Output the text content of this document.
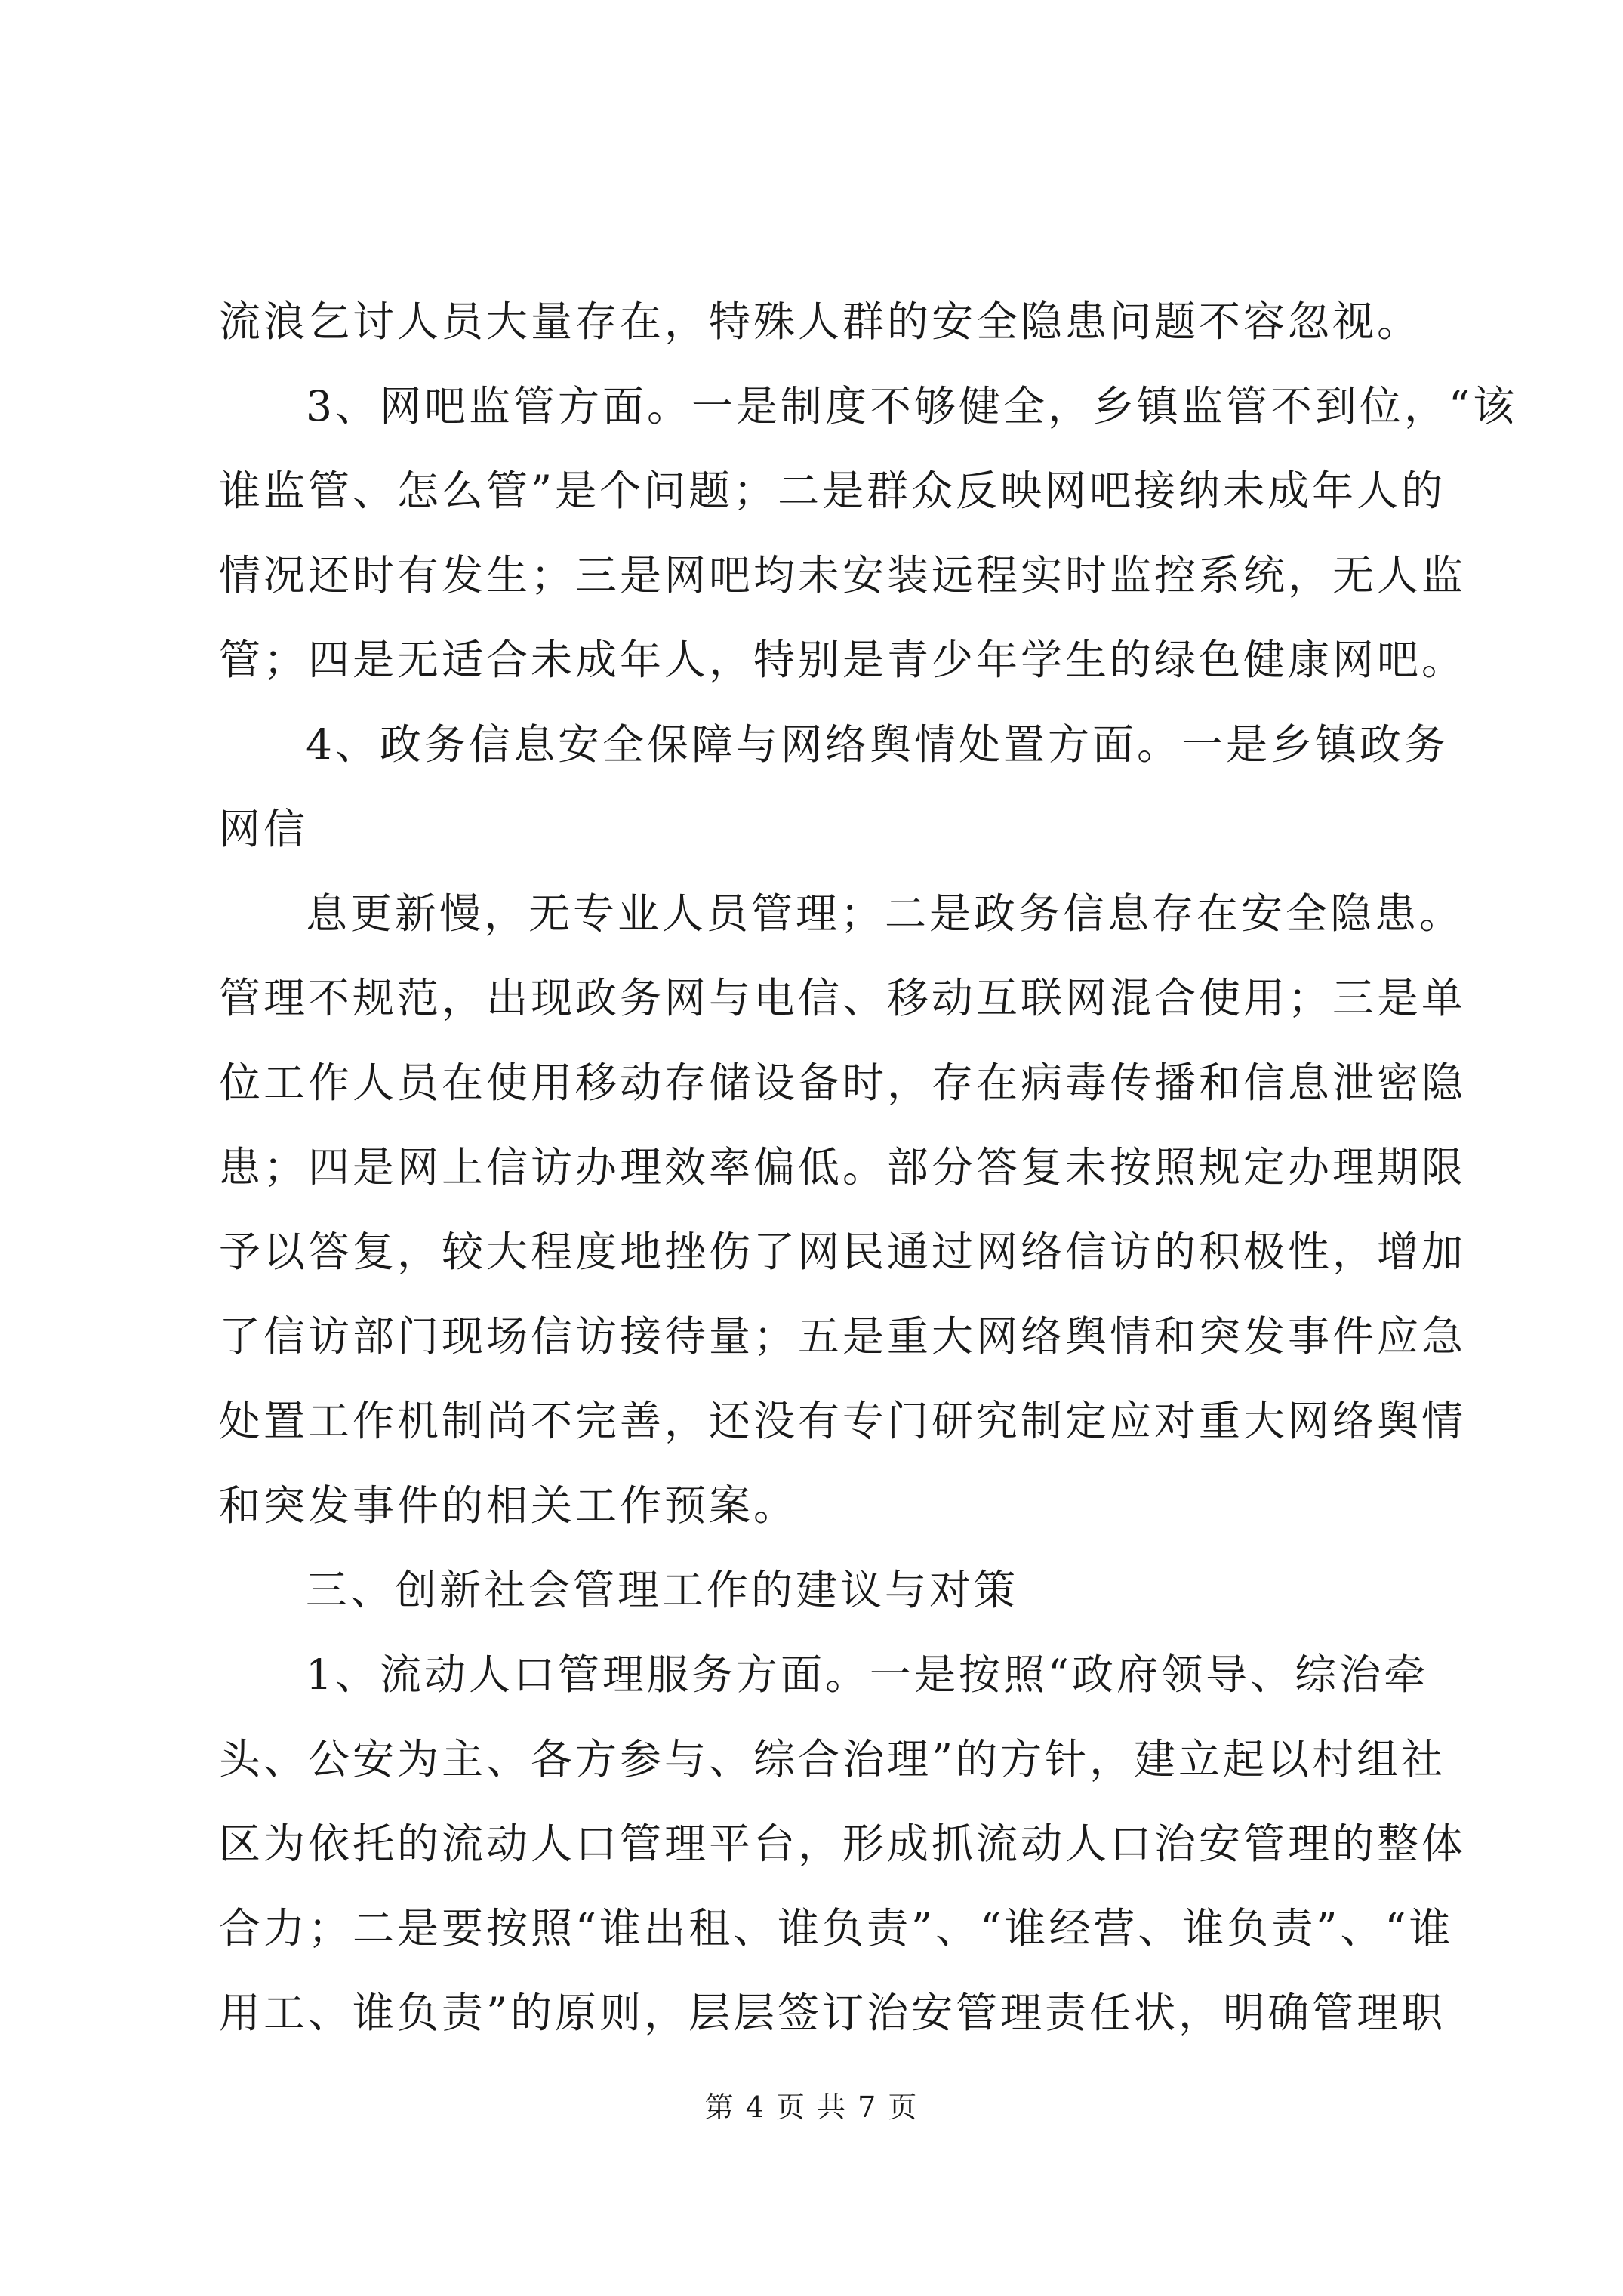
流浪乞讨人员大量存在，特殊人群的安全隐患问题不容忽视。
3、网吧监管方面。一是制度不够健全，乡镇监管不到位，“该
谁监管、怎么管”是个问题；二是群众反映网吧接纳未成年人的
情况还时有发生；三是网吧均未安装远程实时监控系统，无人监
管；四是无适合未成年人，特别是青少年学生的绿色健康网吧。
4、政务信息安全保障与网络舆情处置方面。一是乡镇政务
网信
息更新慢，无专业人员管理；二是政务信息存在安全隐患。
管理不规范，出现政务网与电信、移动互联网混合使用；三是单
位工作人员在使用移动存储设备时，存在病毒传播和信息泄密隐
患；四是网上信访办理效率偏低。部分答复未按照规定办理期限
予以答复，较大程度地挫伤了网民通过网络信访的积极性，增加
了信访部门现场信访接待量；五是重大网络舆情和突发事件应急
处置工作机制尚不完善，还没有专门研究制定应对重大网络舆情
和突发事件的相关工作预案。
三、创新社会管理工作的建议与对策
1、流动人口管理服务方面。一是按照“政府领导、综治牵
头、公安为主、各方参与、综合治理”的方针，建立起以村组社
区为依托的流动人口管理平台，形成抓流动人口治安管理的整体
合力；二是要按照“谁出租、谁负责”、“谁经营、谁负责”、“谁
用工、谁负责”的原则，层层签订治安管理责任状，明确管理职
第 4 页 共 7 页
